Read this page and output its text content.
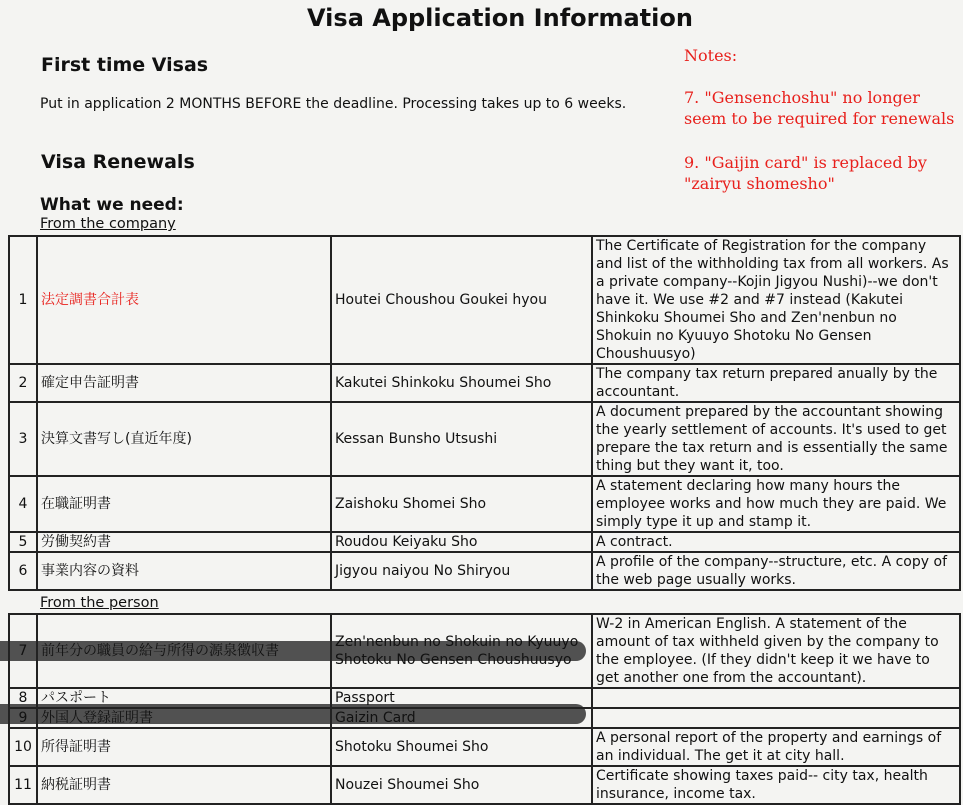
Visa Application Information
First time Visas
Put in application 2 MONTHS BEFORE the deadline. Processing takes up to 6 weeks.
Visa Renewals
What we need:
From the company
From the person
Notes:
7. "Gensenchoshu" no longer
seem to be required for renewals
9. "Gaijin card" is replaced by
"zairyu shomesho"
1	法定調書合計表	Houtei Choushou Goukei hyou	The Certificate of Registration for the company and list of the withholding tax from all workers. As a private company--Kojin Jigyou Nushi)--we don't have it. We use #2 and #7 instead (Kakutei Shinkoku Shoumei Sho and Zen'nenbun no Shokuin no Kyuuyo Shotoku No Gensen Choushuusyo)
2	確定申告証明書	Kakutei Shinkoku Shoumei Sho	The company tax return prepared anually by the accountant.
3	決算文書写し(直近年度)	Kessan Bunsho Utsushi	A document prepared by the accountant showing the yearly settlement of accounts. It's used to get prepare the tax return and is essentially the same thing but they want it, too.
4	在職証明書	Zaishoku Shomei Sho	A statement declaring how many hours the employee works and how much they are paid. We simply type it up and stamp it.
5	労働契約書	Roudou Keiyaku Sho	A contract.
6	事業内容の資料	Jigyou naiyou No Shiryou	A profile of the company--structure, etc. A copy of the web page usually works.
7	前年分の職員の給与所得の源泉徴収書	Zen'nenbun no Shokuin no Kyuuyo Shotoku No Gensen Choushuusyo	W-2 in American English. A statement of the amount of tax withheld given by the company to the employee. (If they didn't keep it we have to get another one from the accountant).
8	パスポート	Passport	
9	外国人登録証明書	Gaizin Card	
10	所得証明書	Shotoku Shoumei Sho	A personal report of the property and earnings of an individual. The get it at city hall.
11	納税証明書	Nouzei Shoumei Sho	Certificate showing taxes paid-- city tax, health insurance, income tax.
